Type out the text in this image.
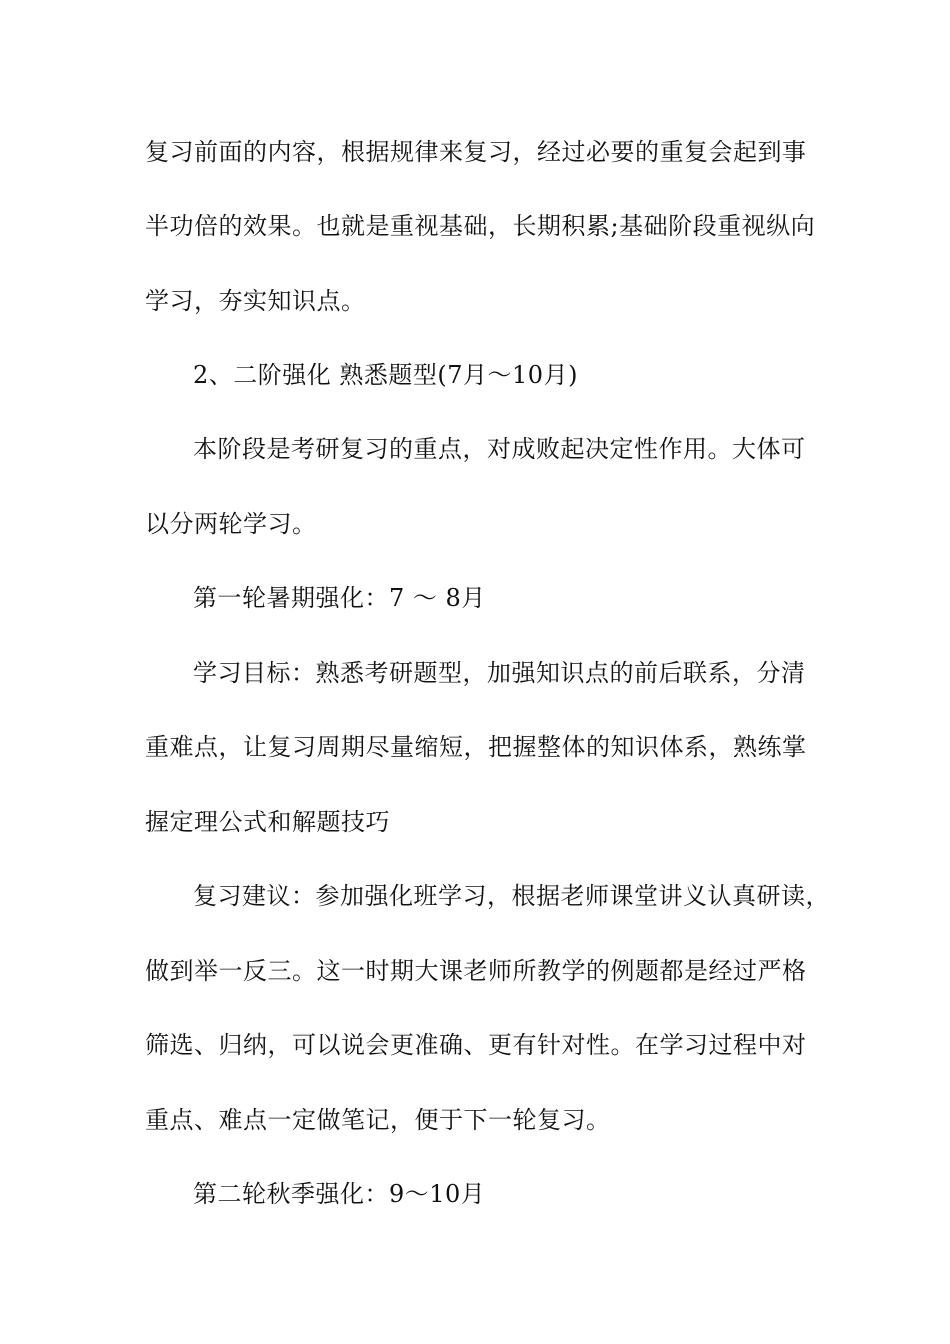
复习前面的内容，根据规律来复习，经过必要的重复会起到事
半功倍的效果。也就是重视基础，长期积累;基础阶段重视纵向
学习，夯实知识点。
2、二阶强化 熟悉题型(7月～10月)
本阶段是考研复习的重点，对成败起决定性作用。大体可
以分两轮学习。
第一轮暑期强化：7 ～ 8月
学习目标：熟悉考研题型，加强知识点的前后联系，分清
重难点，让复习周期尽量缩短，把握整体的知识体系，熟练掌
握定理公式和解题技巧
复习建议：参加强化班学习，根据老师课堂讲义认真研读，
做到举一反三。这一时期大课老师所教学的例题都是经过严格
筛选、归纳，可以说会更准确、更有针对性。在学习过程中对
重点、难点一定做笔记，便于下一轮复习。
第二轮秋季强化：9～10月
